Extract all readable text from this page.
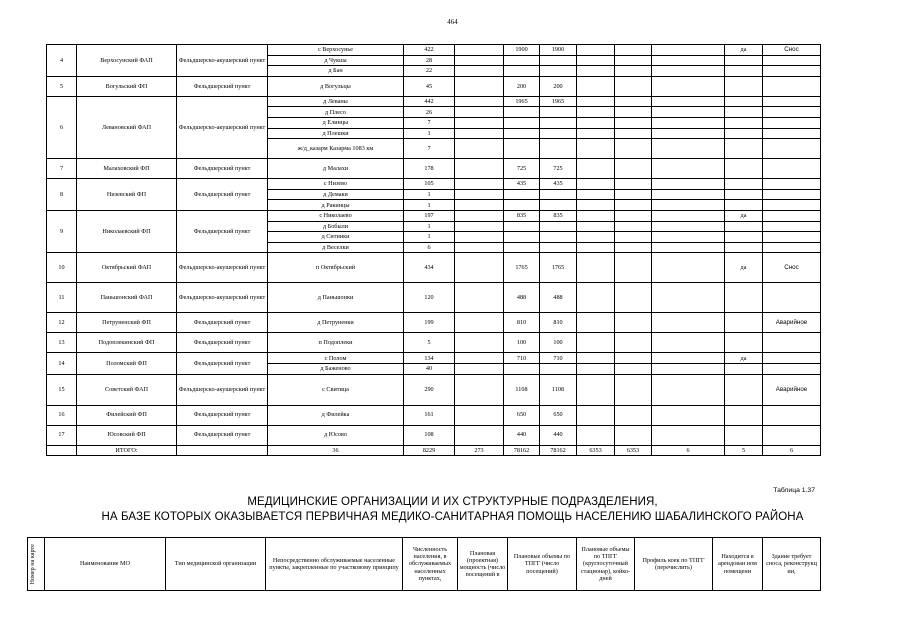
464
4	Верхосунский ФАП	Фельдшерско-акушерский пункт	с Верхосунье	422		1900	1900				да	Снос
			д Чукша	28								
			д Бан	22								
5	Вогульский ФП	Фельдшерский пункт	д Вогульцы	45		200	200					
6	Левановский ФАП	Фельдшерско-акушерский пункт	д Леваны	442		1965	1965					
			д Плесо	26								
			д Елинцы	7								
			д Плешки	1								
			ж/д_казарм Казарма 1083 км	7								
7	Малаховский ФП	Фельдшерский пункт	д Малахи	178		725	725					
8	Низевский ФП	Фельдшерский пункт	с Низево	105		435	435					
			д Демаки	1								
			д Ракинцы	1								
9	Николаевский ФП	Фельдшерский пункт	с Николаево	197		835	835				да	
			д Бобыли	1								
			д Ситники	1								
			д Веселки	6								
10	Октябрьский ФАП	Фельдшерско-акушерский пункт	п Октябрьский	434		1765	1765				да	Снос
11	Паньшонский ФАП	Фельдшерско-акушерский пункт	д Паньшонки	120		488	488					
12	Петруненский ФП	Фельдшерский пункт	д Петруненки	199		810	810					Аварийное
13	Подоплекинский ФП	Фельдшерский пункт	п Подоплеки	5		100	100					
14	Поломский ФП	Фельдшерский пункт	с Полом	134		710	710				да	
			д Баженово	40								
15	Советский ФАП	Фельдшерско-акушерский пункт	с Свитица	290		1108	1108					Аварийное
16	Филейский ФП	Фельдшерский пункт	д Филейка	161		650	650					
17	Юсовский ФП	Фельдшерский пункт	д Юсово	108		440	440					
	ИТОГО:		36	8229	273	78162	78162	6353	6353	6	5	6
Таблица 1.37
МЕДИЦИНСКИЕ ОРГАНИЗАЦИИ И ИХ СТРУКТУРНЫЕ ПОДРАЗДЕЛЕНИЯ,
НА БАЗЕ КОТОРЫХ ОКАЗЫВАЕТСЯ ПЕРВИЧНАЯ МЕДИКО-САНИТАРНАЯ ПОМОЩЬ НАСЕЛЕНИЮ ШАБАЛИНСКОГО РАЙОНА
Номер на карте	Наименование МО	Тип медицинской организации	Непосредственно обслуживаемые населенные пункты, закрепленные по участковому принципу	Численность населения, в обслуживаемых населенных пунктах,	Плановая (проектная) мощность (число посещений в	Плановые объемы по ТПГГ (число посещений)	Плановые объемы по ТПГГ (круглосуточный стационар), койко-дней	Профиль коек по ТПГГ (перечислить)	Находится в арендован ном помещени	Здание требует сноса, реконструкц ии,
